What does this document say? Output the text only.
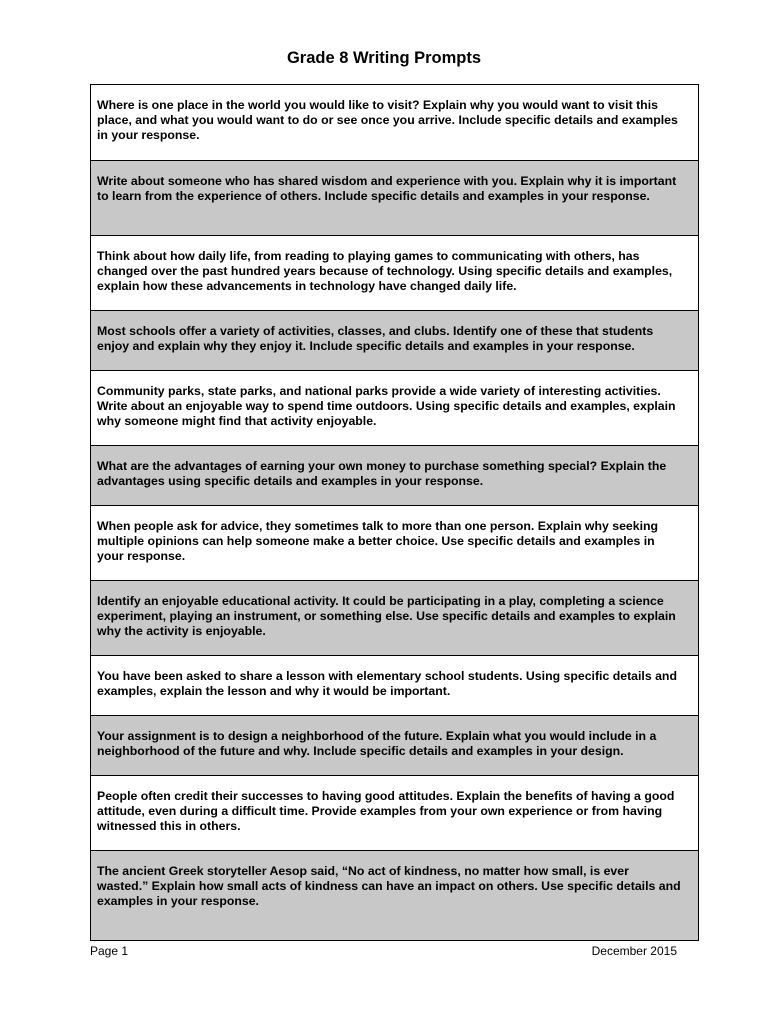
Grade 8 Writing Prompts
Where is one place in the world you would like to visit? Explain why you would want to visit this place, and what you would want to do or see once you arrive. Include specific details and examples in your response.
Write about someone who has shared wisdom and experience with you. Explain why it is important to learn from the experience of others. Include specific details and examples in your response.
Think about how daily life, from reading to playing games to communicating with others, has changed over the past hundred years because of technology. Using specific details and examples, explain how these advancements in technology have changed daily life.
Most schools offer a variety of activities, classes, and clubs. Identify one of these that students enjoy and explain why they enjoy it. Include specific details and examples in your response.
Community parks, state parks, and national parks provide a wide variety of interesting activities. Write about an enjoyable way to spend time outdoors. Using specific details and examples, explain why someone might find that activity enjoyable.
What are the advantages of earning your own money to purchase something special? Explain the advantages using specific details and examples in your response.
When people ask for advice, they sometimes talk to more than one person. Explain why seeking multiple opinions can help someone make a better choice. Use specific details and examples in your response.
Identify an enjoyable educational activity. It could be participating in a play, completing a science experiment, playing an instrument, or something else. Use specific details and examples to explain why the activity is enjoyable.
You have been asked to share a lesson with elementary school students. Using specific details and examples, explain the lesson and why it would be important.
Your assignment is to design a neighborhood of the future. Explain what you would include in a neighborhood of the future and why. Include specific details and examples in your design.
People often credit their successes to having good attitudes. Explain the benefits of having a good attitude, even during a difficult time. Provide examples from your own experience or from having witnessed this in others.
The ancient Greek storyteller Aesop said, “No act of kindness, no matter how small, is ever wasted.” Explain how small acts of kindness can have an impact on others. Use specific details and examples in your response.
Page 1	December 2015
